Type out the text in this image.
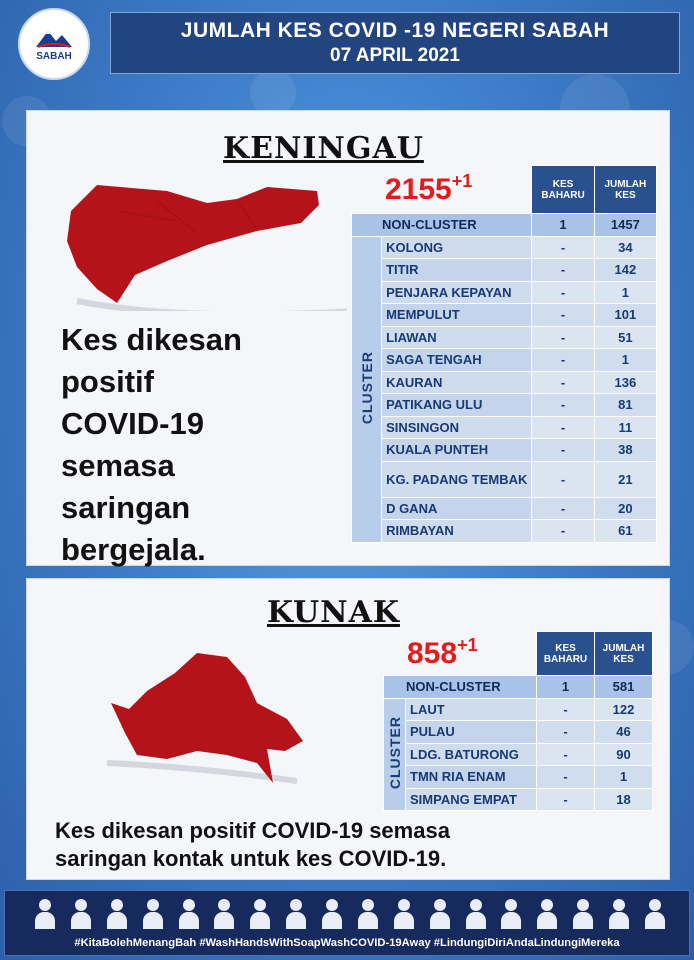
SABAH
JUMLAH KES COVID -19 NEGERI SABAH
07 APRIL 2021
KENINGAU
$2155^{+1}$
Kes dikesan
positif
COVID-19
semasa
saringan
bergejala.
		KES BAHARU	JUMLAH KES
NON-CLUSTER		1	1457
CLUSTER	KOLONG	-	34
	TITIR	-	142
	PENJARA KEPAYAN	-	1
	MEMPULUT	-	101
	LIAWAN	-	51
	SAGA TENGAH	-	1
	KAURAN	-	136
	PATIKANG ULU	-	81
	SINSINGON	-	11
	KUALA PUNTEH	-	38
	KG. PADANG TEMBAK	-	21
	D GANA	-	20
	RIMBAYAN	-	61
KUNAK
$858^{+1}$
		KES BAHARU	JUMLAH KES
NON-CLUSTER		1	581
CLUSTER	LAUT	-	122
	PULAU	-	46
	LDG. BATURONG	-	90
	TMN RIA ENAM	-	1
	SIMPANG EMPAT	-	18
Kes dikesan positif COVID-19 semasa
saringan kontak untuk kes COVID-19.
#KitaBolehMenangBah #WashHandsWithSoapWashCOVID-19Away #LindungiDiriAndaLindungiMereka
